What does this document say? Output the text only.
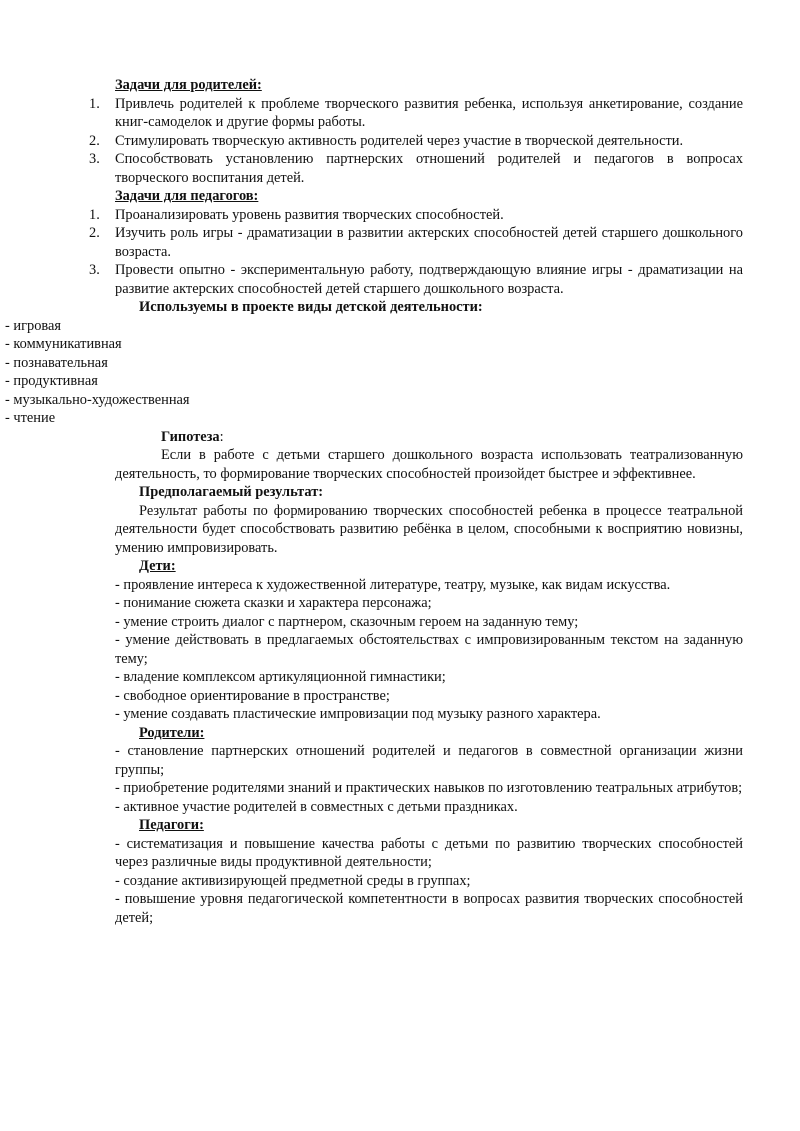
Задачи для родителей:
1. Привлечь родителей к проблеме творческого развития ребенка, используя анкетирование, создание книг-самоделок и другие формы работы.
2. Стимулировать творческую активность родителей через участие в творческой деятельности.
3. Способствовать установлению партнерских отношений родителей и педагогов в вопросах творческого воспитания детей.
Задачи для педагогов:
1. Проанализировать уровень развития творческих способностей.
2. Изучить роль игры - драматизации в развитии актерских способностей детей старшего дошкольного возраста.
3. Провести опытно - экспериментальную работу, подтверждающую влияние игры - драматизации на развитие актерских способностей детей старшего дошкольного возраста.
Используемы в проекте виды детской деятельности:
- игровая
- коммуникативная
- познавательная
- продуктивная
- музыкально-художественная
- чтение
Гипотеза:
Если в работе с детьми старшего дошкольного возраста использовать театрализованную деятельность, то формирование творческих способностей произойдет быстрее и эффективнее.
Предполагаемый результат:
Результат работы по формированию творческих способностей ребенка в процессе театральной деятельности будет способствовать развитию ребёнка в целом, способными к восприятию новизны, умению импровизировать.
Дети:
- проявление интереса к художественной литературе, театру, музыке, как видам искусства.
- понимание сюжета сказки и характера персонажа;
- умение строить диалог с партнером, сказочным героем на заданную тему;
- умение действовать в предлагаемых обстоятельствах с импровизированным текстом на заданную тему;
- владение комплексом артикуляционной гимнастики;
- свободное ориентирование в пространстве;
- умение создавать пластические импровизации под музыку разного характера.
Родители:
- становление партнерских отношений родителей и педагогов в совместной организации жизни группы;
- приобретение родителями знаний и практических навыков по изготовлению театральных атрибутов;
- активное участие родителей в совместных с детьми праздниках.
Педагоги:
- систематизация и повышение качества работы с детьми по развитию творческих способностей через различные виды продуктивной деятельности;
- создание активизирующей предметной среды в группах;
- повышение уровня педагогической компетентности в вопросах развития творческих способностей детей;
